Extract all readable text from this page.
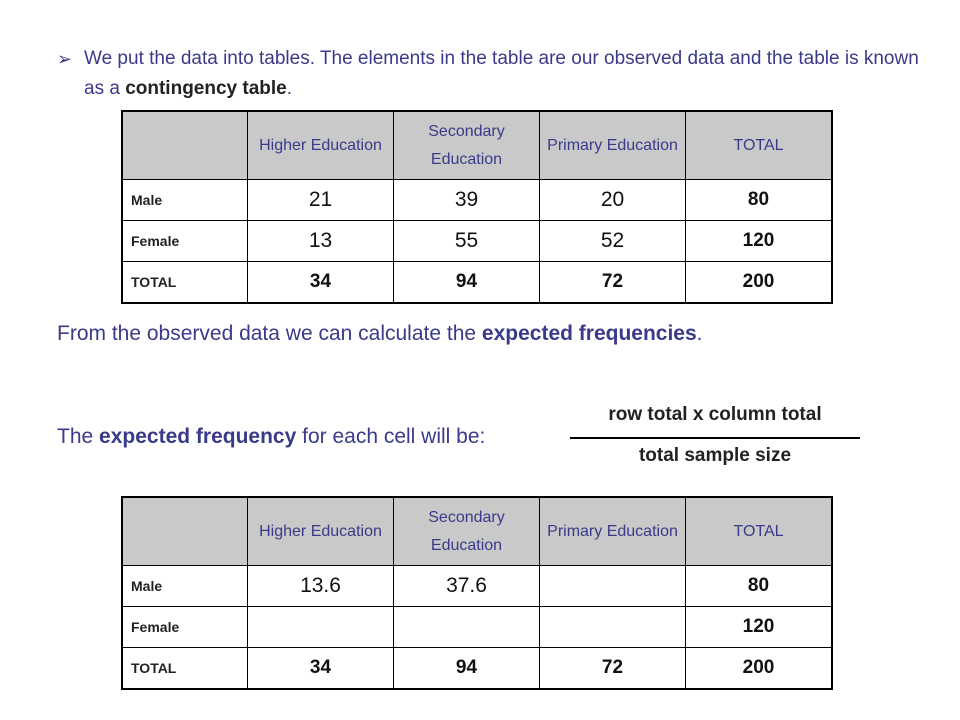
➢ We put the data into tables. The elements in the table are our observed data and the table is known as a contingency table.
	Higher Education	Secondary Education	Primary Education	TOTAL
Male	21	39	20	80
Female	13	55	52	120
TOTAL	34	94	72	200
From the observed data we can calculate the expected frequencies.
The expected frequency for each cell will be:
row total x column total
total sample size
	Higher Education	Secondary Education	Primary Education	TOTAL
Male	13.6	37.6		80
Female				120
TOTAL	34	94	72	200
